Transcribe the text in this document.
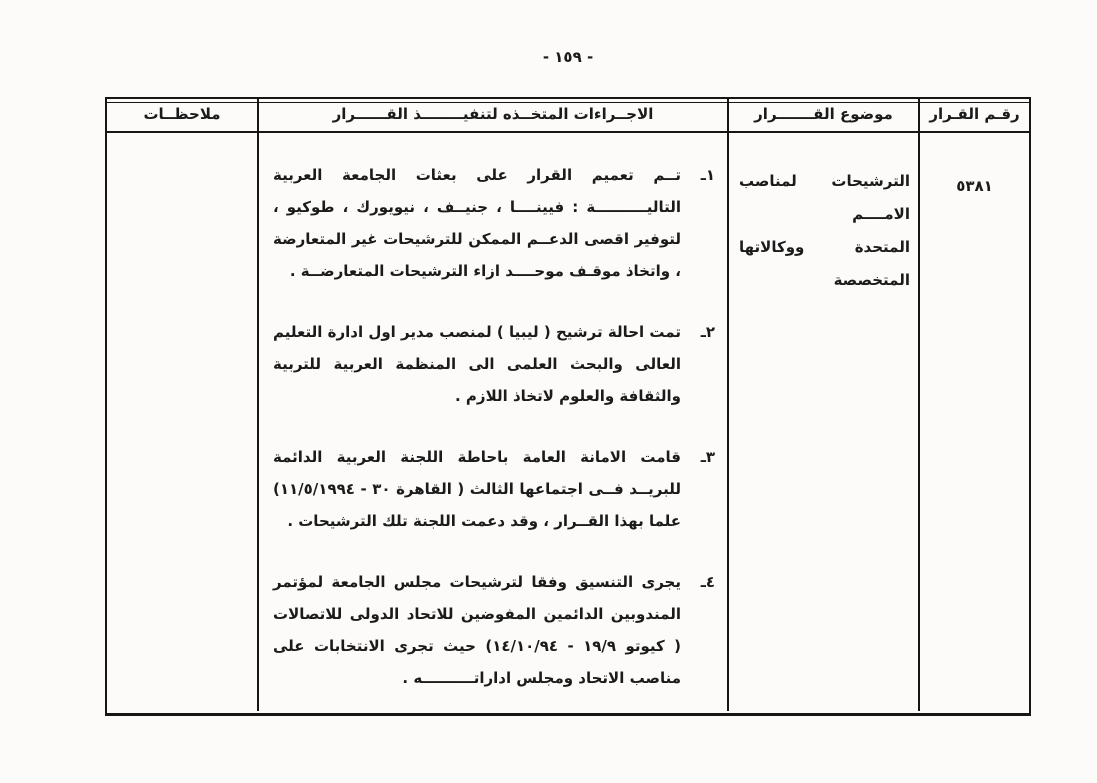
- ١٥٩ -
رقـم القـرار
موضوع القـــــــرار
الاجــراءات المتخــذه لتنفيــــــــذ القــــــرار
ملاحظــات
٥٣٨١
الترشيحات لمناصب الامــــم
المتحدة ووكالاتها المتخصصة
١ـ
تــم تعميم القرار على بعثات الجامعة العربية التاليــــــــــة : فيينــــا ، جنيــف ، نيويورك ، طوكيو ، لتوفير اقصى الدعــم الممكن للترشيحات غير المتعارضة ، واتخاذ موقـف موحــــد ازاء الترشيحات المتعارضــة .
٢ـ
تمت احالة ترشيح ( ليبيا ) لمنصب مدير اول ادارة التعليم العالى والبحث العلمى الى المنظمة العربية للتربية والثقافة والعلوم لاتخاذ اللازم .
٣ـ
قامت الامانة العامة باحاطة اللجنة العربية الدائمة للبريــد فــى اجتماعها الثالث ( القاهرة ٣٠ - ١١/٥/١٩٩٤) علما بهذا القــرار ، وقد دعمت اللجنة تلك الترشيحات .
٤ـ
يجرى التنسيق وفقا لترشيحات مجلس الجامعة لمؤتمر المندوبين الدائمين المفوضين للاتحاد الدولى للاتصالات ( كيوتو ١٩/٩ - ١٤/١٠/٩٤) حيث تجرى الانتخابات على مناصب الاتحاد ومجلس اداراتــــــــــه .
